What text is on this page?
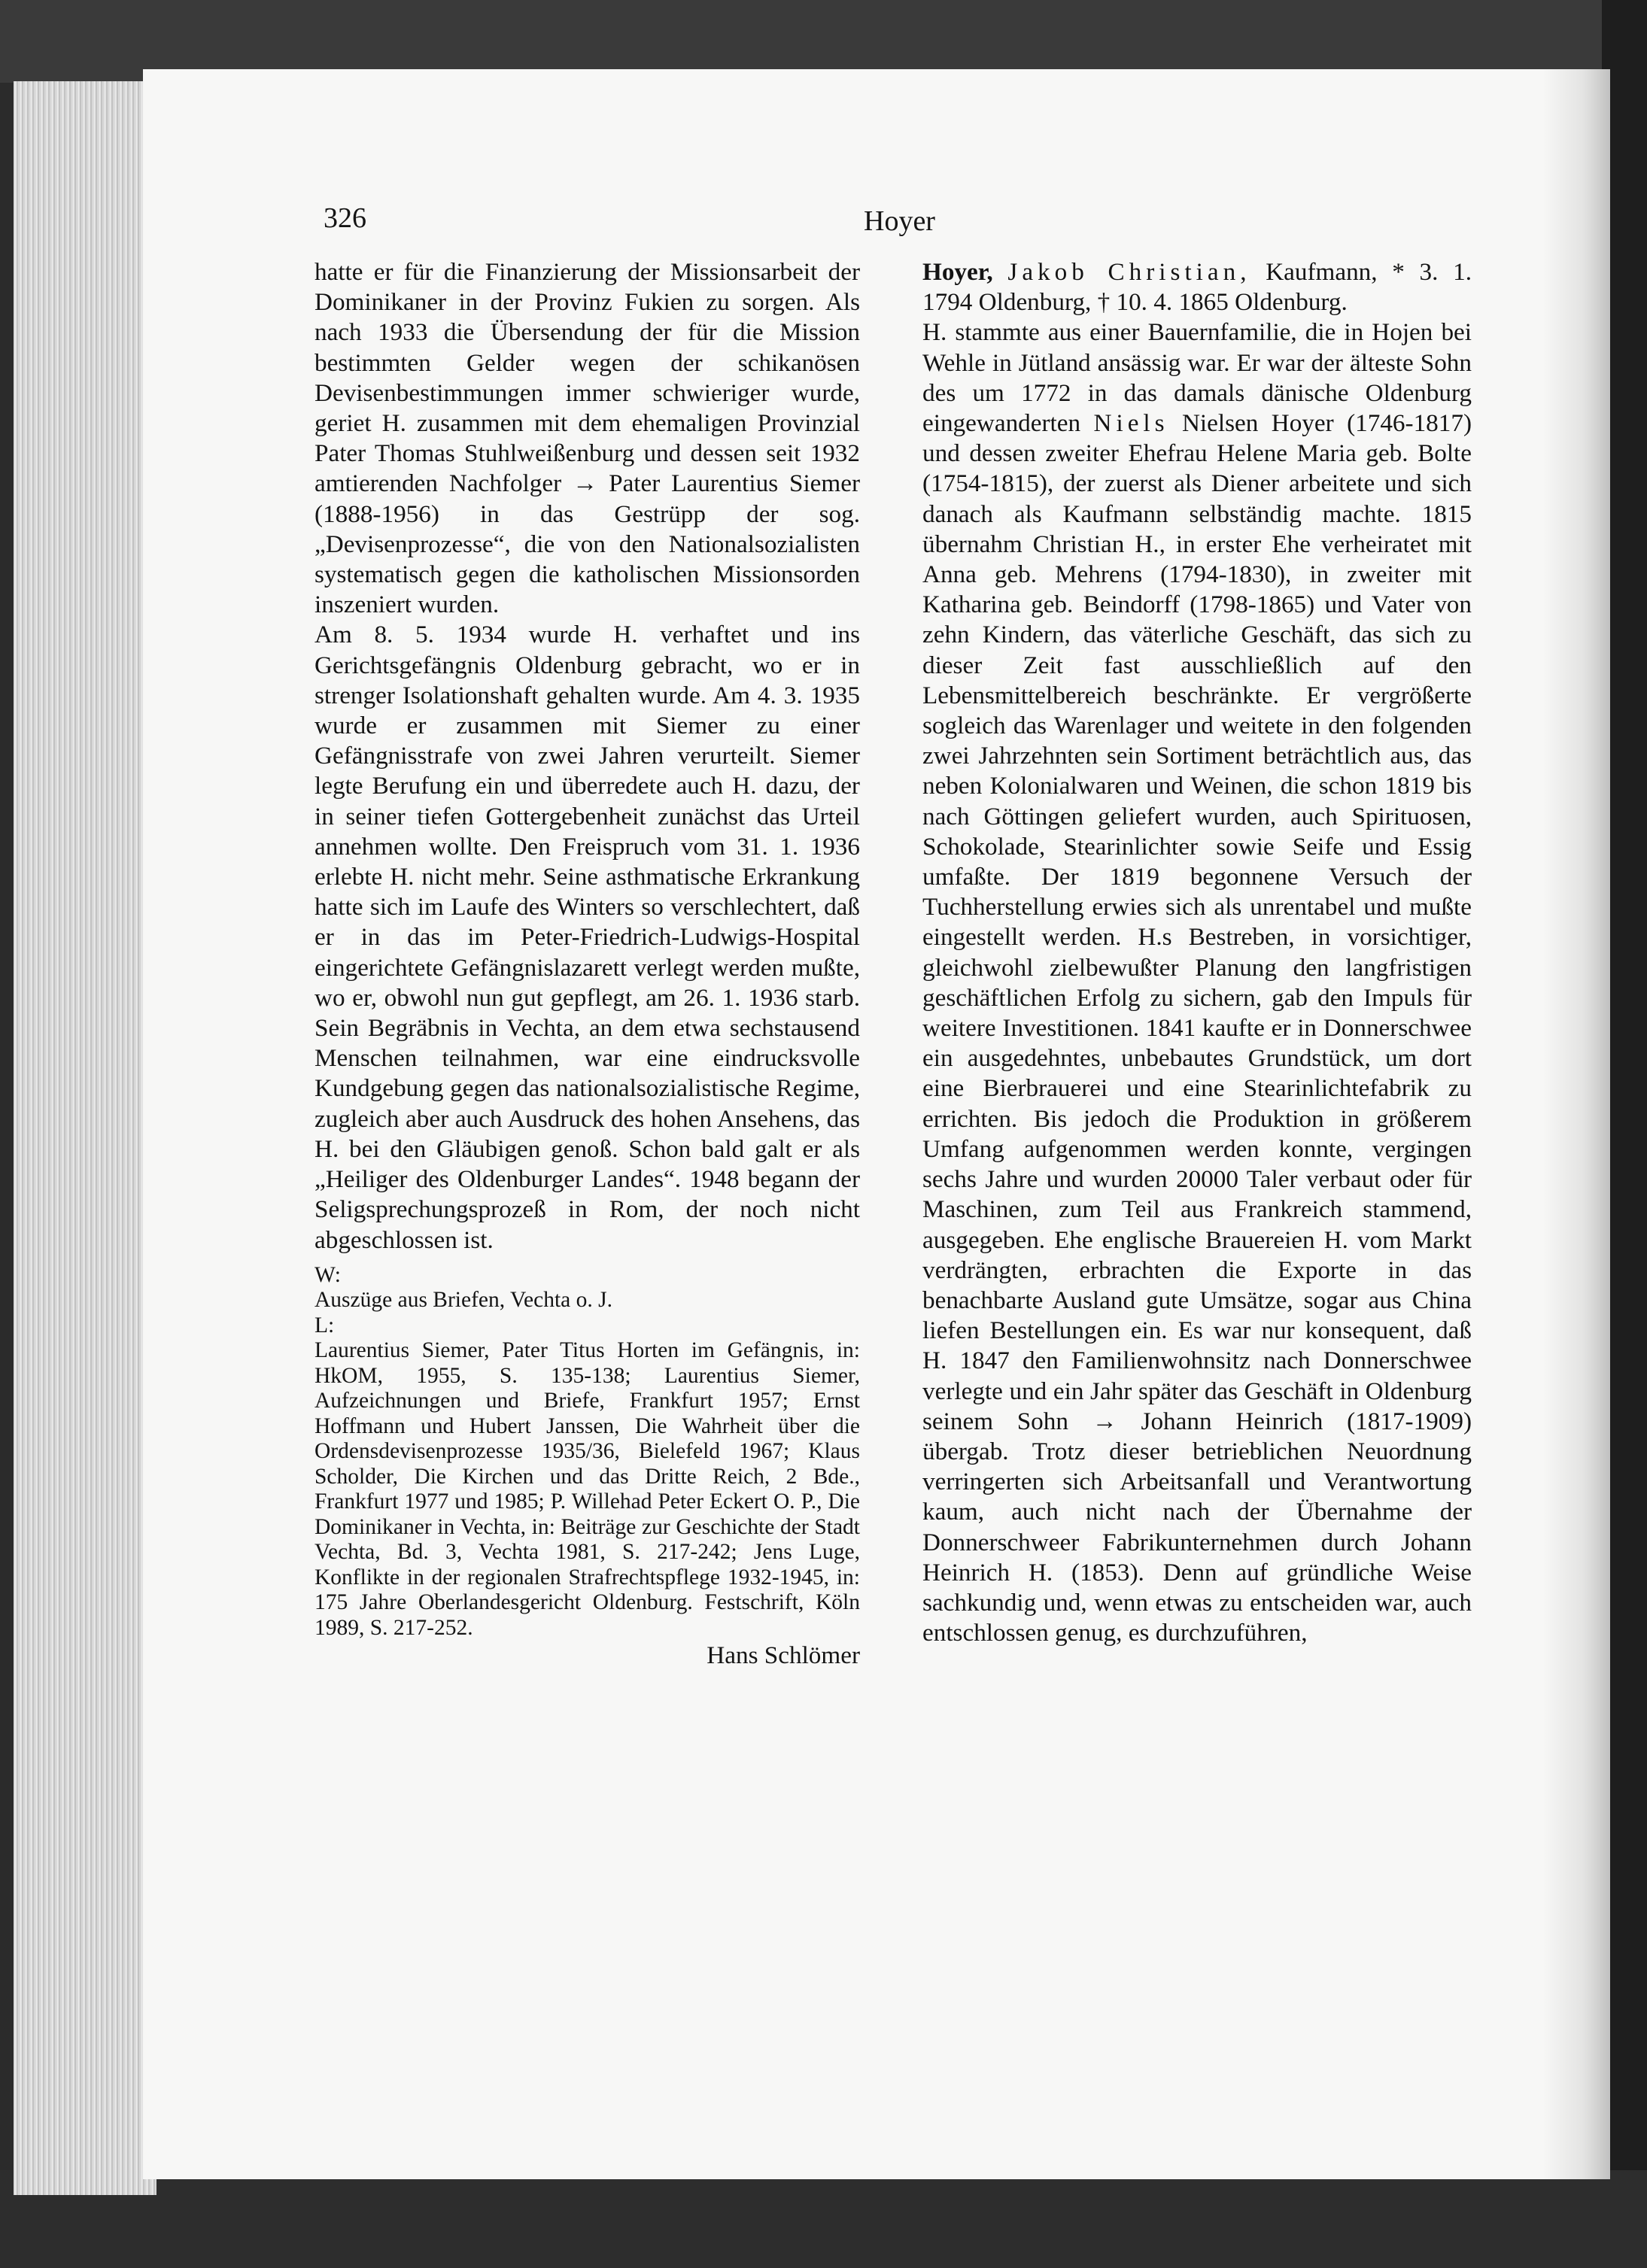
326	Hoyer

hatte er für die Finanzierung der Missionsarbeit der Dominikaner in der Provinz Fukien zu sorgen. Als nach 1933 die Übersendung der für die Mission bestimmten Gelder wegen der schikanösen Devisenbestimmungen immer schwieriger wurde, geriet H. zusammen mit dem ehemaligen Provinzial Pater Thomas Stuhlweißenburg und dessen seit 1932 amtierenden Nachfolger → Pater Laurentius Siemer (1888-1956) in das Gestrüpp der sog. „Devisenprozesse“, die von den Nationalsozialisten systematisch gegen die katholischen Missionsorden inszeniert wurden.

Am 8. 5. 1934 wurde H. verhaftet und ins Gerichtsgefängnis Oldenburg gebracht, wo er in strenger Isolationshaft gehalten wurde. Am 4. 3. 1935 wurde er zusammen mit Siemer zu einer Gefängnisstrafe von zwei Jahren verurteilt. Siemer legte Berufung ein und überredete auch H. dazu, der in seiner tiefen Gottergebenheit zunächst das Urteil annehmen wollte. Den Freispruch vom 31. 1. 1936 erlebte H. nicht mehr. Seine asthmatische Erkrankung hatte sich im Laufe des Winters so verschlechtert, daß er in das im Peter-Friedrich-Ludwigs-Hospital eingerichtete Gefängnislazarett verlegt werden mußte, wo er, obwohl nun gut gepflegt, am 26. 1. 1936 starb. Sein Begräbnis in Vechta, an dem etwa sechstausend Menschen teilnahmen, war eine eindrucksvolle Kundgebung gegen das nationalsozialistische Regime, zugleich aber auch Ausdruck des hohen Ansehens, das H. bei den Gläubigen genoß. Schon bald galt er als „Heiliger des Oldenburger Landes“. 1948 begann der Seligsprechungsprozeß in Rom, der noch nicht abgeschlossen ist.

W:

Auszüge aus Briefen, Vechta o. J.

L:

Laurentius Siemer, Pater Titus Horten im Gefängnis, in: HkOM, 1955, S. 135-138; Laurentius Siemer, Aufzeichnungen und Briefe, Frankfurt 1957; Ernst Hoffmann und Hubert Janssen, Die Wahrheit über die Ordensdevisenprozesse 1935/36, Bielefeld 1967; Klaus Scholder, Die Kirchen und das Dritte Reich, 2 Bde., Frankfurt 1977 und 1985; P. Willehad Peter Eckert O. P., Die Dominikaner in Vechta, in: Beiträge zur Geschichte der Stadt Vechta, Bd. 3, Vechta 1981, S. 217-242; Jens Luge, Konflikte in der regionalen Strafrechtspflege 1932-1945, in: 175 Jahre Oberlandesgericht Oldenburg. Festschrift, Köln 1989, S. 217-252.

Hans Schlömer

Hoyer, Jakob Christian, Kaufmann, * 3. 1. 1794 Oldenburg, † 10. 4. 1865 Oldenburg.

H. stammte aus einer Bauernfamilie, die in Hojen bei Wehle in Jütland ansässig war. Er war der älteste Sohn des um 1772 in das damals dänische Oldenburg eingewanderten Niels Nielsen Hoyer (1746-1817) und dessen zweiter Ehefrau Helene Maria geb. Bolte (1754-1815), der zuerst als Diener arbeitete und sich danach als Kaufmann selbständig machte. 1815 übernahm Christian H., in erster Ehe verheiratet mit Anna geb. Mehrens (1794-1830), in zweiter mit Katharina geb. Beindorff (1798-1865) und Vater von zehn Kindern, das väterliche Geschäft, das sich zu dieser Zeit fast ausschließlich auf den Lebensmittelbereich beschränkte. Er vergrößerte sogleich das Warenlager und weitete in den folgenden zwei Jahrzehnten sein Sortiment beträchtlich aus, das neben Kolonialwaren und Weinen, die schon 1819 bis nach Göttingen geliefert wurden, auch Spirituosen, Schokolade, Stearinlichter sowie Seife und Essig umfaßte. Der 1819 begonnene Versuch der Tuchherstellung erwies sich als unrentabel und mußte eingestellt werden. H.s Bestreben, in vorsichtiger, gleichwohl zielbewußter Planung den langfristigen geschäftlichen Erfolg zu sichern, gab den Impuls für weitere Investitionen. 1841 kaufte er in Donnerschwee ein ausgedehntes, unbebautes Grundstück, um dort eine Bierbrauerei und eine Stearinlichtefabrik zu errichten. Bis jedoch die Produktion in größerem Umfang aufgenommen werden konnte, vergingen sechs Jahre und wurden 20000 Taler verbaut oder für Maschinen, zum Teil aus Frankreich stammend, ausgegeben. Ehe englische Brauereien H. vom Markt verdrängten, erbrachten die Exporte in das benachbarte Ausland gute Umsätze, sogar aus China liefen Bestellungen ein. Es war nur konsequent, daß H. 1847 den Familienwohnsitz nach Donnerschwee verlegte und ein Jahr später das Geschäft in Oldenburg seinem Sohn → Johann Heinrich (1817-1909) übergab. Trotz dieser betrieblichen Neuordnung verringerten sich Arbeitsanfall und Verantwortung kaum, auch nicht nach der Übernahme der Donnerschweer Fabrikunternehmen durch Johann Heinrich H. (1853). Denn auf gründliche Weise sachkundig und, wenn etwas zu entscheiden war, auch entschlossen genug, es durchzuführen,
